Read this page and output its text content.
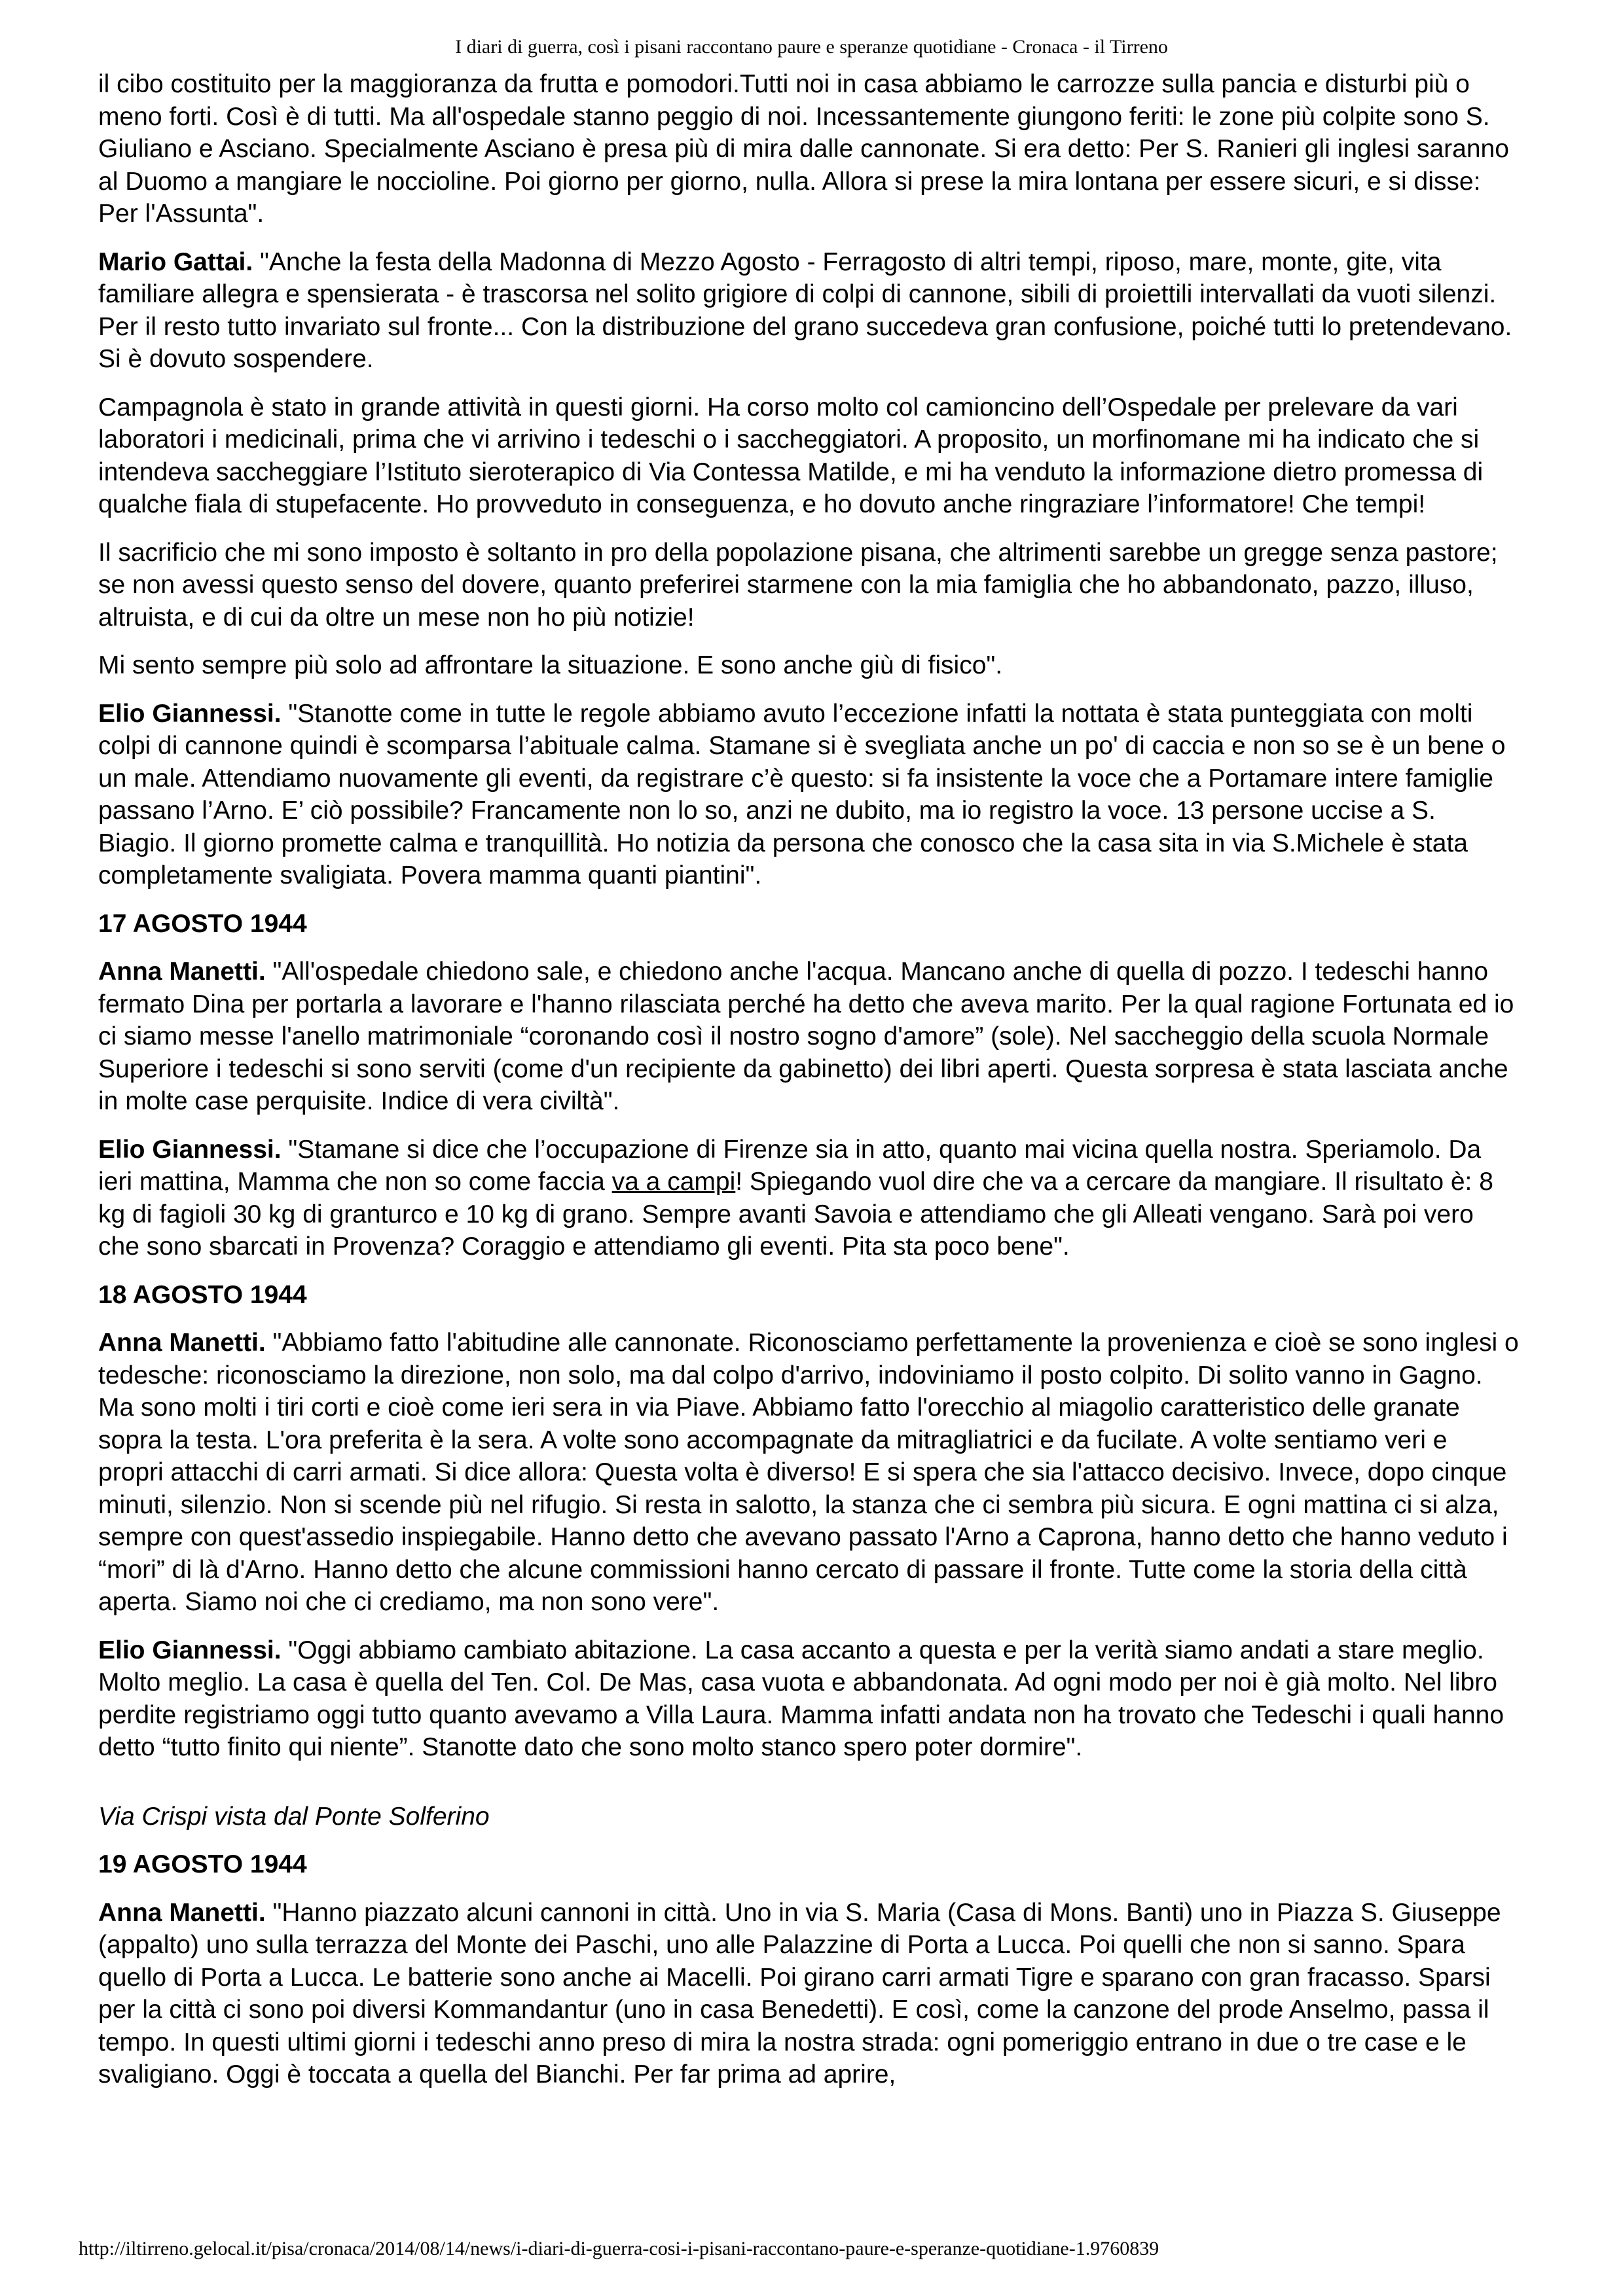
I diari di guerra, così i pisani raccontano paure e speranze quotidiane - Cronaca - il Tirreno

il cibo costituito per la maggioranza da frutta e pomodori.Tutti noi in casa abbiamo le carrozze sulla pancia e disturbi più o meno forti. Così è di tutti. Ma all'ospedale stanno peggio di noi. Incessantemente giungono feriti: le zone più colpite sono S. Giuliano e Asciano. Specialmente Asciano è presa più di mira dalle cannonate. Si era detto: Per S. Ranieri gli inglesi saranno al Duomo a mangiare le noccioline. Poi giorno per giorno, nulla. Allora si prese la mira lontana per essere sicuri, e si disse: Per l'Assunta".

Mario Gattai. "Anche la festa della Madonna di Mezzo Agosto - Ferragosto di altri tempi, riposo, mare, monte, gite, vita familiare allegra e spensierata - è trascorsa nel solito grigiore di colpi di cannone, sibili di proiettili intervallati da vuoti silenzi. Per il resto tutto invariato sul fronte... Con la distribuzione del grano succedeva gran confusione, poiché tutti lo pretendevano. Si è dovuto sospendere.

Campagnola è stato in grande attività in questi giorni. Ha corso molto col camioncino dell’Ospedale per prelevare da vari laboratori i medicinali, prima che vi arrivino i tedeschi o i saccheggiatori. A proposito, un morfinomane mi ha indicato che si intendeva saccheggiare l’Istituto sieroterapico di Via Contessa Matilde, e mi ha venduto la informazione dietro promessa di qualche fiala di stupefacente. Ho provveduto in conseguenza, e ho dovuto anche ringraziare l’informatore! Che tempi!

Il sacrificio che mi sono imposto è soltanto in pro della popolazione pisana, che altrimenti sarebbe un gregge senza pastore; se non avessi questo senso del dovere, quanto preferirei starmene con la mia famiglia che ho abbandonato, pazzo, illuso, altruista, e di cui da oltre un mese non ho più notizie!

Mi sento sempre più solo ad affrontare la situazione. E sono anche giù di fisico".

Elio Giannessi. "Stanotte come in tutte le regole abbiamo avuto l’eccezione infatti la nottata è stata punteggiata con molti colpi di cannone quindi è scomparsa l’abituale calma. Stamane si è svegliata anche un po' di caccia e non so se è un bene o un male. Attendiamo nuovamente gli eventi, da registrare c’è questo: si fa insistente la voce che a Portamare intere famiglie passano l’Arno. E’ ciò possibile? Francamente non lo so, anzi ne dubito, ma io registro la voce. 13 persone uccise a S. Biagio. Il giorno promette calma e tranquillità. Ho notizia da persona che conosco che la casa sita in via S.Michele è stata completamente svaligiata. Povera mamma quanti piantini".

17 AGOSTO 1944

Anna Manetti. "All'ospedale chiedono sale, e chiedono anche l'acqua. Mancano anche di quella di pozzo. I tedeschi hanno fermato Dina per portarla a lavorare e l'hanno rilasciata perché ha detto che aveva marito. Per la qual ragione Fortunata ed io ci siamo messe l'anello matrimoniale “coronando così il nostro sogno d'amore” (sole). Nel saccheggio della scuola Normale Superiore i tedeschi si sono serviti (come d'un recipiente da gabinetto) dei libri aperti. Questa sorpresa è stata lasciata anche in molte case perquisite. Indice di vera civiltà".

Elio Giannessi. "Stamane si dice che l’occupazione di Firenze sia in atto, quanto mai vicina quella nostra. Speriamolo. Da ieri mattina, Mamma che non so come faccia va a campi! Spiegando vuol dire che va a cercare da mangiare. Il risultato è: 8 kg di fagioli 30 kg di granturco e 10 kg di grano. Sempre avanti Savoia e attendiamo che gli Alleati vengano. Sarà poi vero che sono sbarcati in Provenza? Coraggio e attendiamo gli eventi. Pita sta poco bene".

18 AGOSTO 1944

Anna Manetti. "Abbiamo fatto l'abitudine alle cannonate. Riconosciamo perfettamente la provenienza e cioè se sono inglesi o tedesche: riconosciamo la direzione, non solo, ma dal colpo d'arrivo, indoviniamo il posto colpito. Di solito vanno in Gagno. Ma sono molti i tiri corti e cioè come ieri sera in via Piave. Abbiamo fatto l'orecchio al miagolio caratteristico delle granate sopra la testa. L'ora preferita è la sera. A volte sono accompagnate da mitragliatrici e da fucilate. A volte sentiamo veri e propri attacchi di carri armati. Si dice allora: Questa volta è diverso! E si spera che sia l'attacco decisivo. Invece, dopo cinque minuti, silenzio. Non si scende più nel rifugio. Si resta in salotto, la stanza che ci sembra più sicura. E ogni mattina ci si alza, sempre con quest'assedio inspiegabile. Hanno detto che avevano passato l'Arno a Caprona, hanno detto che hanno veduto i “mori” di là d'Arno. Hanno detto che alcune commissioni hanno cercato di passare il fronte. Tutte come la storia della città aperta. Siamo noi che ci crediamo, ma non sono vere".

Elio Giannessi. "Oggi abbiamo cambiato abitazione. La casa accanto a questa e per la verità siamo andati a stare meglio. Molto meglio. La casa è quella del Ten. Col. De Mas, casa vuota e abbandonata. Ad ogni modo per noi è già molto. Nel libro perdite registriamo oggi tutto quanto avevamo a Villa Laura. Mamma infatti andata non ha trovato che Tedeschi i quali hanno detto “tutto finito qui niente”. Stanotte dato che sono molto stanco spero poter dormire".

Via Crispi vista dal Ponte Solferino

19 AGOSTO 1944

Anna Manetti. "Hanno piazzato alcuni cannoni in città. Uno in via S. Maria (Casa di Mons. Banti) uno in Piazza S. Giuseppe (appalto) uno sulla terrazza del Monte dei Paschi, uno alle Palazzine di Porta a Lucca. Poi quelli che non si sanno. Spara quello di Porta a Lucca. Le batterie sono anche ai Macelli. Poi girano carri armati Tigre e sparano con gran fracasso. Sparsi per la città ci sono poi diversi Kommandantur (uno in casa Benedetti). E così, come la canzone del prode Anselmo, passa il tempo. In questi ultimi giorni i tedeschi anno preso di mira la nostra strada: ogni pomeriggio entrano in due o tre case e le svaligiano. Oggi è toccata a quella del Bianchi. Per far prima ad aprire,

http://iltirreno.gelocal.it/pisa/cronaca/2014/08/14/news/i-diari-di-guerra-cosi-i-pisani-raccontano-paure-e-speranze-quotidiane-1.9760839
